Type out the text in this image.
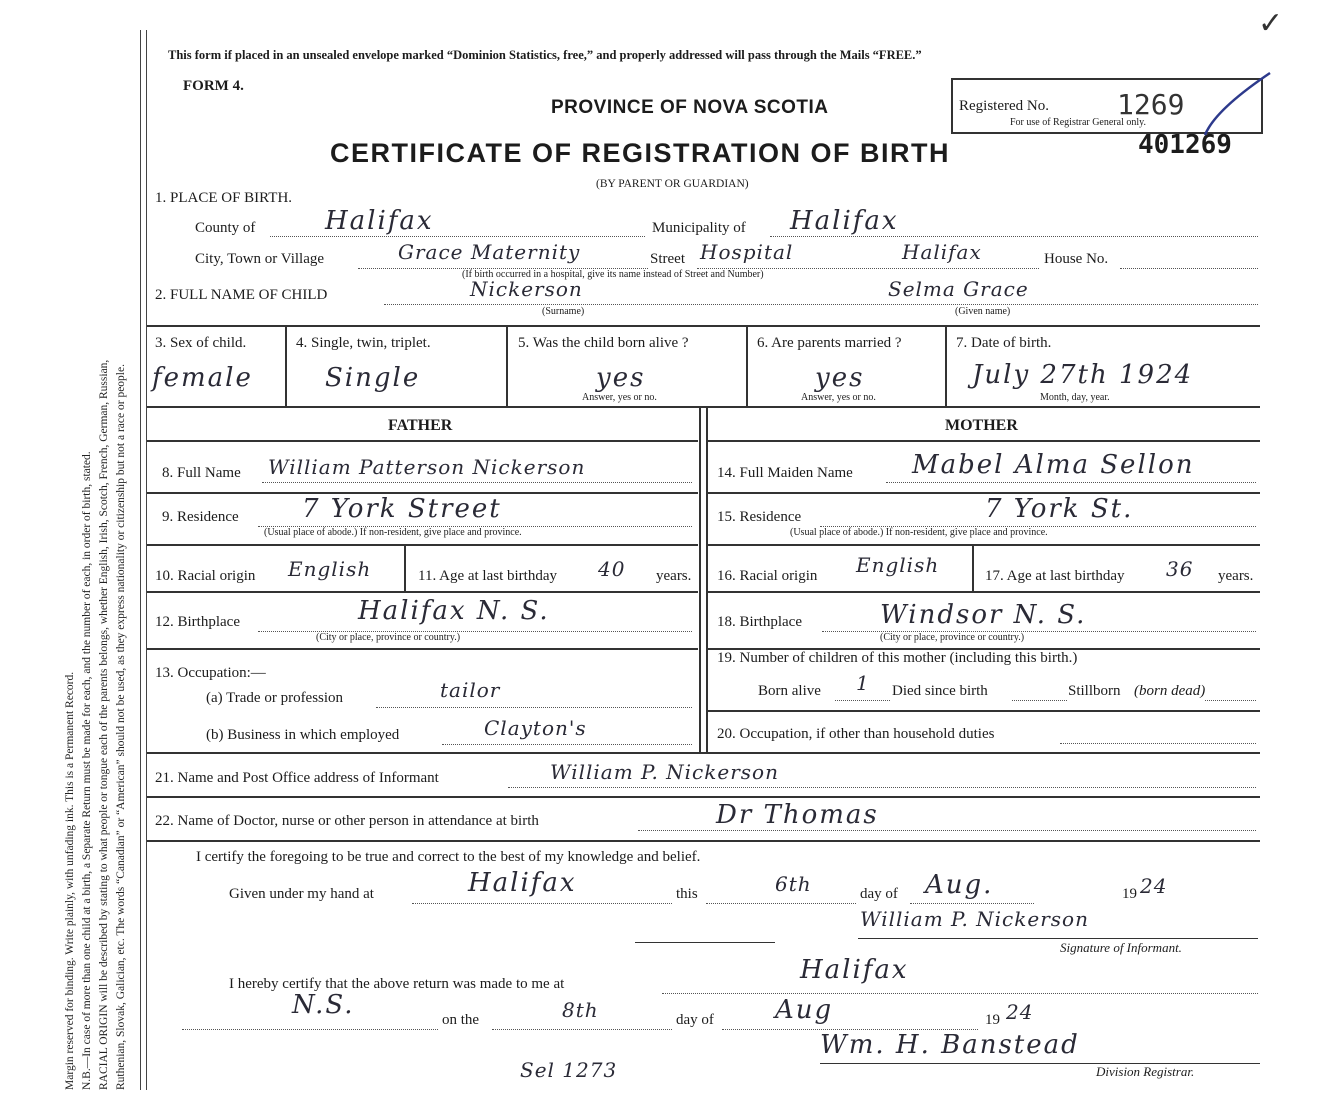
Margin reserved for binding. Write plainly, with unfading ink. This is a Permanent Record. N.B.—In case of more than one child at a birth, a Separate Return must be made for each, and the number of each, in order of birth, stated. RACIAL ORIGIN will be described by stating to what people or tongue each of the parents belongs, whether English, Irish, Scotch, French, German, Russian, Ruthenian, Slovak, Galician, etc. The words “Canadian” or “American” should not be used, as they express nationality or citizenship but not a race or people.
This form if placed in an unsealed envelope marked “Dominion Statistics, free,” and properly addressed will pass through the Mails “FREE.”
FORM 4.
PROVINCE OF NOVA SCOTIA
CERTIFICATE OF REGISTRATION OF BIRTH
(BY PARENT OR GUARDIAN)
Registered No. 1269
For use of Registrar General only.
401269
✓
1. PLACE OF BIRTH.
County of	Halifax	Municipality of Halifax
City, Town or Village	Grace Maternity	Street Hospital	Halifax
(If birth occurred in a hospital, give its name instead of Street and Number)
House No.
2. FULL NAME OF CHILD	Nickerson
(Surname)
Selma Grace
(Given name)
3. Sex of child.
female
4. Single, twin, triplet.
Single
5. Was the child born alive ?
yes
Answer, yes or no.
6. Are parents married ?
yes
Answer, yes or no.
7. Date of birth.
July 27th 1924
Month, day, year.
FATHER	MOTHER
8. Full Name William Patterson Nickerson
9. Residence 7 York Street
(Usual place of abode.) If non-resident, give place and province.
10. Racial origin English	11. Age at last birthday 40 years.
12. Birthplace	Halifax N. S.
(City or place, province or country.)
13. Occupation:—
(a) Trade or profession	tailor
(b) Business in which employed	Clayton's
14. Full Maiden Name Mabel Alma Sellon
15. Residence	7 York St.
(Usual place of abode.) If non-resident, give place and province.
16. Racial origin English	17. Age at last birthday 36 years.
18. Birthplace	Windsor N. S.
(City or place, province or country.)
19. Number of children of this mother (including this birth.)
Born alive 1 Died since birth	Stillborn (born dead)
20. Occupation, if other than household duties
21. Name and Post Office address of Informant	William P. Nickerson
22. Name of Doctor, nurse or other person in attendance at birth	Dr Thomas
I certify the foregoing to be true and correct to the best of my knowledge and belief.
Given under my hand at	Halifax	this	6th	day of Aug.	19 24
William P. Nickerson
Signature of Informant.
I hereby certify that the above return was made to me at	Halifax
N.S.	on the	8th	day of Aug	19 24
Wm. H. Banstead
Division Registrar.
Sel 1273
